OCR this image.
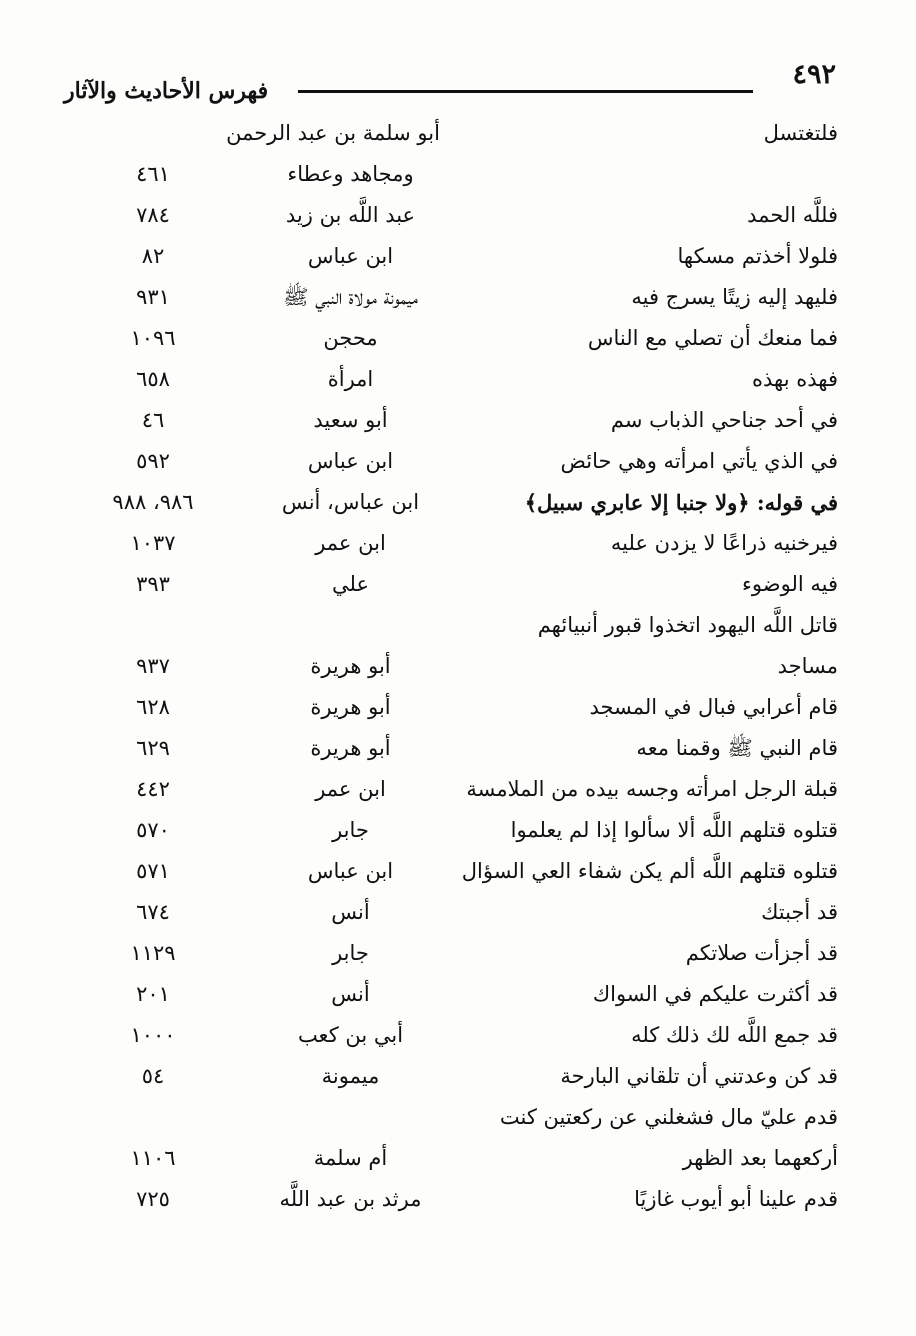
٤٩٢
فهرس الأحاديث والآثار
فلتغتسل
أبو سلمة بن عبد الرحمن
ومجاهد وعطاء
٤٦١
فللَّه الحمد
عبد اللَّه بن زيد
٧٨٤
فلولا أخذتم مسكها
ابن عباس
٨٢
فليهد إليه زيتًا يسرج فيه
ميمونة مولاة النبي ﷺ
٩٣١
فما منعك أن تصلي مع الناس
محجن
١٠٩٦
فهذه بهذه
امرأة
٦٥٨
في أحد جناحي الذباب سم
أبو سعيد
٤٦
في الذي يأتي امرأته وهي حائض
ابن عباس
٥٩٢
في قوله: ﴿ولا جنبا إلا عابري سبيل﴾
ابن عباس، أنس
٩٨٦، ٩٨٨
فيرخنيه ذراعًا لا يزدن عليه
ابن عمر
١٠٣٧
فيه الوضوء
علي
٣٩٣
قاتل اللَّه اليهود اتخذوا قبور أنبيائهم
مساجد
أبو هريرة
٩٣٧
قام أعرابي فبال في المسجد
أبو هريرة
٦٢٨
قام النبي ﷺ وقمنا معه
أبو هريرة
٦٢٩
قبلة الرجل امرأته وجسه بيده من الملامسة
ابن عمر
٤٤٢
قتلوه قتلهم اللَّه ألا سألوا إذا لم يعلموا
جابر
٥٧٠
قتلوه قتلهم اللَّه ألم يكن شفاء العي السؤال
ابن عباس
٥٧١
قد أجبتك
أنس
٦٧٤
قد أجزأت صلاتكم
جابر
١١٢٩
قد أكثرت عليكم في السواك
أنس
٢٠١
قد جمع اللَّه لك ذلك كله
أبي بن كعب
١٠٠٠
قد كن وعدتني أن تلقاني البارحة
ميمونة
٥٤
قدم عليّ مال فشغلني عن ركعتين كنت
أركعهما بعد الظهر
أم سلمة
١١٠٦
قدم علينا أبو أيوب غازيًا
مرثد بن عبد اللَّه
٧٢٥
